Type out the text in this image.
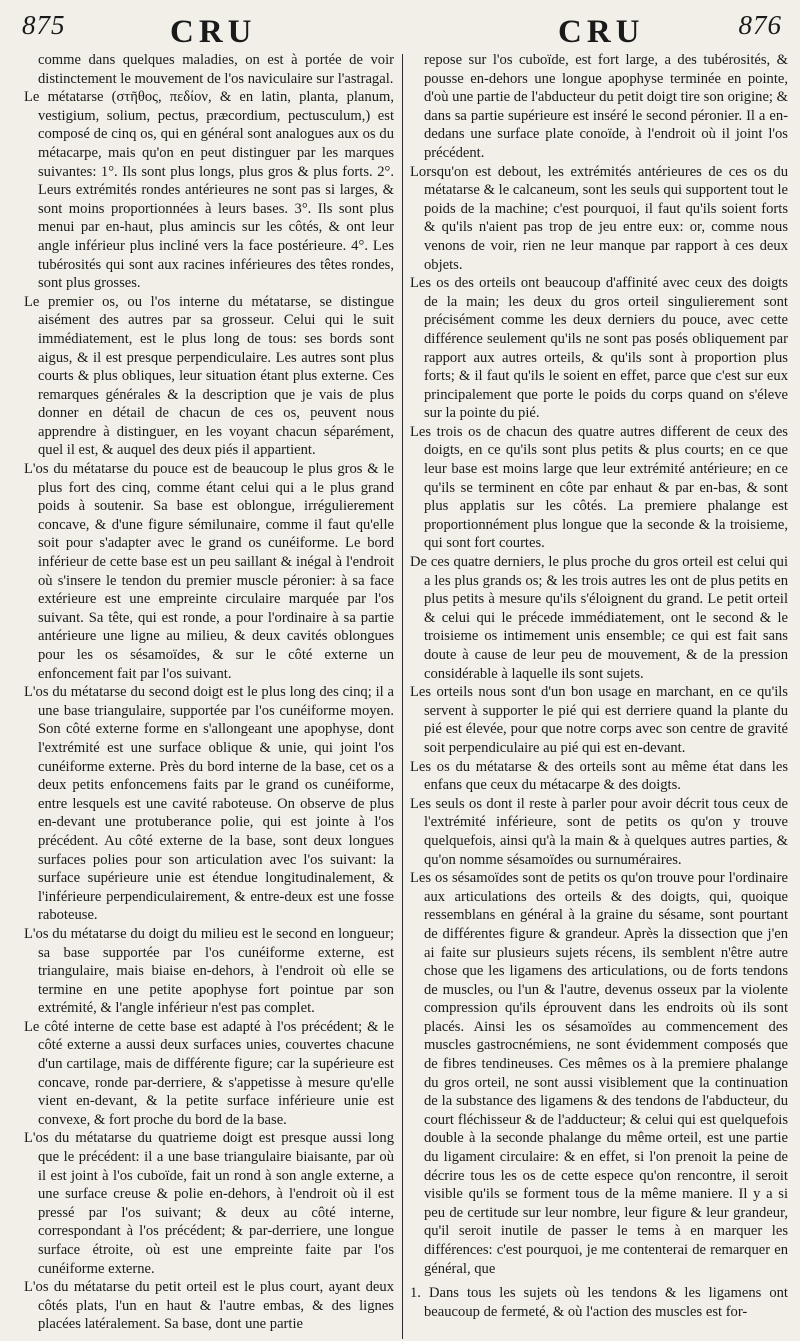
875	CRU	CRU	876

comme dans quelques maladies, on est à portée de voir distinctement le mouvement de l'os naviculaire sur l'astragal.

Le métatarse (στῆθος, πεδίον, & en latin, planta, planum, vestigium, solium, pectus, præcordium, pectusculum,) est composé de cinq os, qui en général sont analogues aux os du métacarpe, mais qu'on en peut distinguer par les marques suivantes: 1°. Ils sont plus longs, plus gros & plus forts. 2°. Leurs extrémités rondes antérieures ne sont pas si larges, & sont moins proportionnées à leurs bases. 3°. Ils sont plus menui par en-haut, plus amincis sur les côtés, & ont leur angle inférieur plus incliné vers la face postérieure. 4°. Les tubérosités qui sont aux racines inférieures des têtes rondes, sont plus grosses.

Le premier os, ou l'os interne du métatarse, se distingue aisément des autres par sa grosseur. Celui qui le suit immédiatement, est le plus long de tous: ses bords sont aigus, & il est presque perpendiculaire. Les autres sont plus courts & plus obliques, leur situation étant plus externe. Ces remarques générales & la description que je vais de plus donner en détail de chacun de ces os, peuvent nous apprendre à distinguer, en les voyant chacun séparément, quel il est, & auquel des deux piés il appartient.

L'os du métatarse du pouce est de beaucoup le plus gros & le plus fort des cinq, comme étant celui qui a le plus grand poids à soutenir. Sa base est oblongue, irrégulierement concave, & d'une figure sémilunaire, comme il faut qu'elle soit pour s'adapter avec le grand os cunéiforme. Le bord inférieur de cette base est un peu saillant & inégal à l'endroit où s'insere le tendon du premier muscle péronier: à sa face extérieure est une empreinte circulaire marquée par l'os suivant. Sa tête, qui est ronde, a pour l'ordinaire à sa partie antérieure une ligne au milieu, & deux cavités oblongues pour les os sésamoïdes, & sur le côté externe un enfoncement fait par l'os suivant.

L'os du métatarse du second doigt est le plus long des cinq; il a une base triangulaire, supportée par l'os cunéiforme moyen. Son côté externe forme en s'allongeant une apophyse, dont l'extrémité est une surface oblique & unie, qui joint l'os cunéiforme externe. Près du bord interne de la base, cet os a deux petits enfoncemens faits par le grand os cunéiforme, entre lesquels est une cavité raboteuse. On observe de plus en-devant une protuberance polie, qui est jointe à l'os précédent. Au côté externe de la base, sont deux longues surfaces polies pour son articulation avec l'os suivant: la surface supérieure unie est étendue longitudinalement, & l'inférieure perpendiculairement, & entre-deux est une fosse raboteuse.

L'os du métatarse du doigt du milieu est le second en longueur; sa base supportée par l'os cunéiforme externe, est triangulaire, mais biaise en-dehors, à l'endroit où elle se termine en une petite apophyse fort pointue par son extrémité, & l'angle inférieur n'est pas complet.

Le côté interne de cette base est adapté à l'os précédent; & le côté externe a aussi deux surfaces unies, couvertes chacune d'un cartilage, mais de différente figure; car la supérieure est concave, ronde par-derriere, & s'appetisse à mesure qu'elle vient en-devant, & la petite surface inférieure unie est convexe, & fort proche du bord de la base.

L'os du métatarse du quatrieme doigt est presque aussi long que le précédent: il a une base triangulaire biaisante, par où il est joint à l'os cuboïde, fait un rond à son angle externe, a une surface creuse & polie en-dehors, à l'endroit où il est pressé par l'os suivant; & deux au côté interne, correspondant à l'os précédent; & par-derriere, une longue surface étroite, où est une empreinte faite par l'os cunéiforme externe.

L'os du métatarse du petit orteil est le plus court, ayant deux côtés plats, l'un en haut & l'autre embas, & des lignes placées latéralement. Sa base, dont une partie

repose sur l'os cuboïde, est fort large, a des tubérosités, & pousse en-dehors une longue apophyse terminée en pointe, d'où une partie de l'abducteur du petit doigt tire son origine; & dans sa partie supérieure est inséré le second péronier. Il a en-dedans une surface plate conoïde, à l'endroit où il joint l'os précédent.

Lorsqu'on est debout, les extrémités antérieures de ces os du métatarse & le calcaneum, sont les seuls qui supportent tout le poids de la machine; c'est pourquoi, il faut qu'ils soient forts & qu'ils n'aient pas trop de jeu entre eux: or, comme nous venons de voir, rien ne leur manque par rapport à ces deux objets.

Les os des orteils ont beaucoup d'affinité avec ceux des doigts de la main; les deux du gros orteil singulierement sont précisément comme les deux derniers du pouce, avec cette différence seulement qu'ils ne sont pas posés obliquement par rapport aux autres orteils, & qu'ils sont à proportion plus forts; & il faut qu'ils le soient en effet, parce que c'est sur eux principalement que porte le poids du corps quand on s'éleve sur la pointe du pié.

Les trois os de chacun des quatre autres different de ceux des doigts, en ce qu'ils sont plus petits & plus courts; en ce que leur base est moins large que leur extrémité antérieure; en ce qu'ils se terminent en côte par enhaut & par en-bas, & sont plus applatis sur les côtés. La premiere phalange est proportionnément plus longue que la seconde & la troisieme, qui sont fort courtes.

De ces quatre derniers, le plus proche du gros orteil est celui qui a les plus grands os; & les trois autres les ont de plus petits en plus petits à mesure qu'ils s'éloignent du grand. Le petit orteil & celui qui le précede immédiatement, ont le second & le troisieme os intimement unis ensemble; ce qui est fait sans doute à cause de leur peu de mouvement, & de la pression considérable à laquelle ils sont sujets.

Les orteils nous sont d'un bon usage en marchant, en ce qu'ils servent à supporter le pié qui est derriere quand la plante du pié est élevée, pour que notre corps avec son centre de gravité soit perpendiculaire au pié qui est en-devant.

Les os du métatarse & des orteils sont au même état dans les enfans que ceux du métacarpe & des doigts.

Les seuls os dont il reste à parler pour avoir décrit tous ceux de l'extrémité inférieure, sont de petits os qu'on y trouve quelquefois, ainsi qu'à la main & à quelques autres parties, & qu'on nomme sésamoïdes ou surnuméraires.

Les os sésamoïdes sont de petits os qu'on trouve pour l'ordinaire aux articulations des orteils & des doigts, qui, quoique ressemblans en général à la graine du sésame, sont pourtant de différentes figure & grandeur. Après la dissection que j'en ai faite sur plusieurs sujets récens, ils semblent n'être autre chose que les ligamens des articulations, ou de forts tendons de muscles, ou l'un & l'autre, devenus osseux par la violente compression qu'ils éprouvent dans les endroits où ils sont placés. Ainsi les os sésamoïdes au commencement des muscles gastrocnémiens, ne sont évidemment composés que de fibres tendineuses. Ces mêmes os à la premiere phalange du gros orteil, ne sont aussi visiblement que la continuation de la substance des ligamens & des tendons de l'abducteur, du court fléchisseur & de l'adducteur; & celui qui est quelquefois double à la seconde phalange du même orteil, est une partie du ligament circulaire: & en effet, si l'on prenoit la peine de décrire tous les os de cette espece qu'on rencontre, il seroit visible qu'ils se forment tous de la même maniere. Il y a si peu de certitude sur leur nombre, leur figure & leur grandeur, qu'il seroit inutile de passer le tems à en marquer les différences: c'est pourquoi, je me contenterai de remarquer en général, que

1. Dans tous les sujets où les tendons & les ligamens ont beaucoup de fermeté, & où l'action des muscles est for-
